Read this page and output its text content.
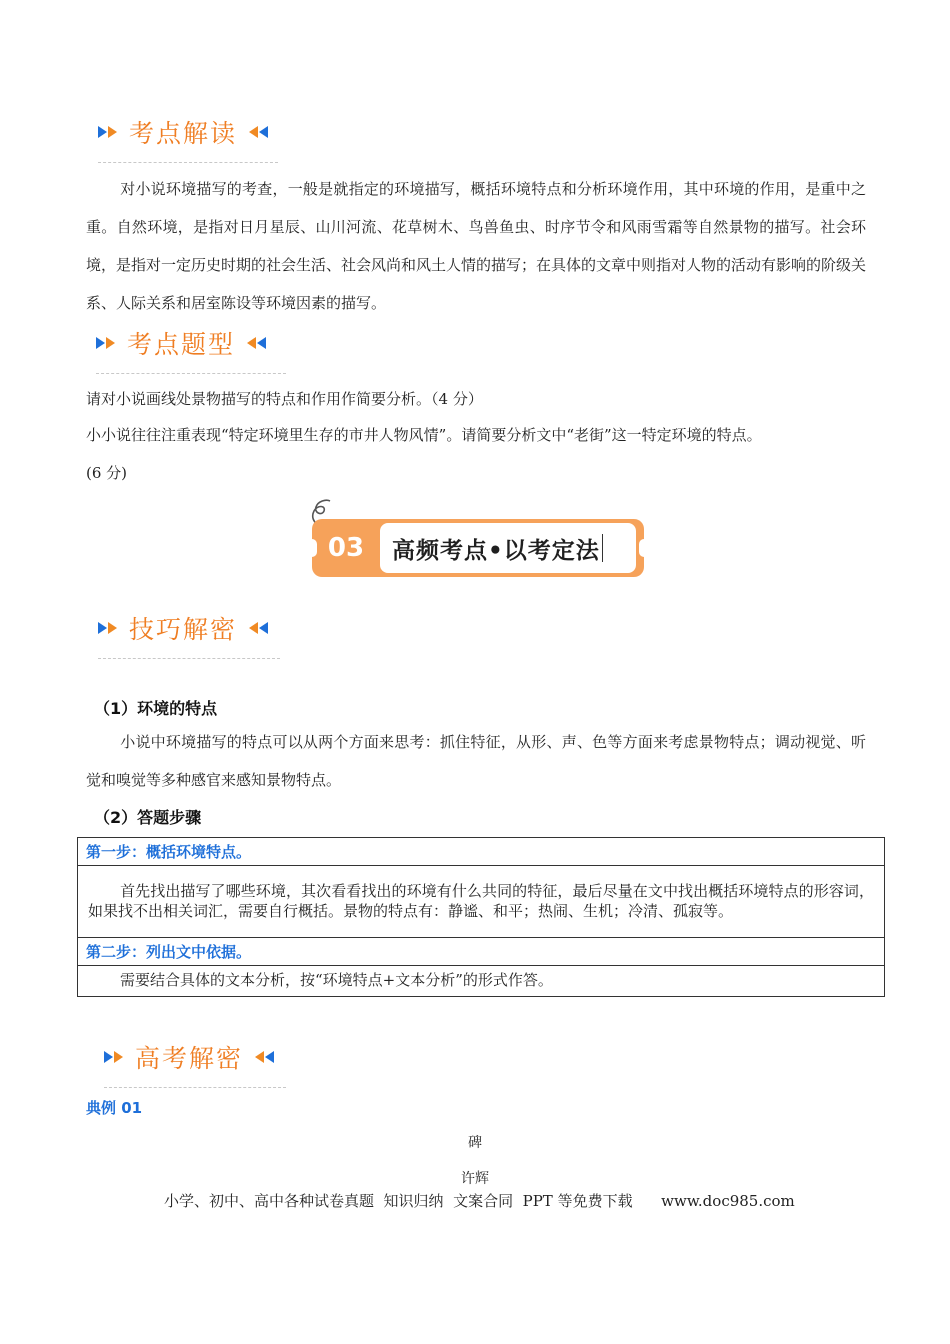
考点解读
对小说环境描写的考查，一般是就指定的环境描写，概括环境特点和分析环境作用，其中环境的作用，是重中之重。自然环境，是指对日月星辰、山川河流、花草树木、鸟兽鱼虫、时序节令和风雨雪霜等自然景物的描写。社会环境，是指对一定历史时期的社会生活、社会风尚和风土人情的描写；在具体的文章中则指对人物的活动有影响的阶级关系、人际关系和居室陈设等环境因素的描写。
考点题型
请对小说画线处景物描写的特点和作用作简要分析。（4 分）
小小说往往注重表现“特定环境里生存的市井人物风情”。请简要分析文中“老街”这一特定环境的特点。
(6 分)
03	高频考点•以考定法
技巧解密
（1）环境的特点
小说中环境描写的特点可以从两个方面来思考：抓住特征，从形、声、色等方面来考虑景物特点；调动视觉、听觉和嗅觉等多种感官来感知景物特点。
（2）答题步骤
第一步：概括环境特点。
首先找出描写了哪些环境，其次看看找出的环境有什么共同的特征，最后尽量在文中找出概括环境特点的形容词，如果找不出相关词汇，需要自行概括。景物的特点有：静谧、和平；热闹、生机；冷清、孤寂等。
第二步：列出文中依据。
需要结合具体的文本分析，按“环境特点+文本分析”的形式作答。
高考解密
典例 01
碑
许辉
小学、初中、高中各种试卷真题  知识归纳  文案合同  PPT 等免费下载      www.doc985.com
